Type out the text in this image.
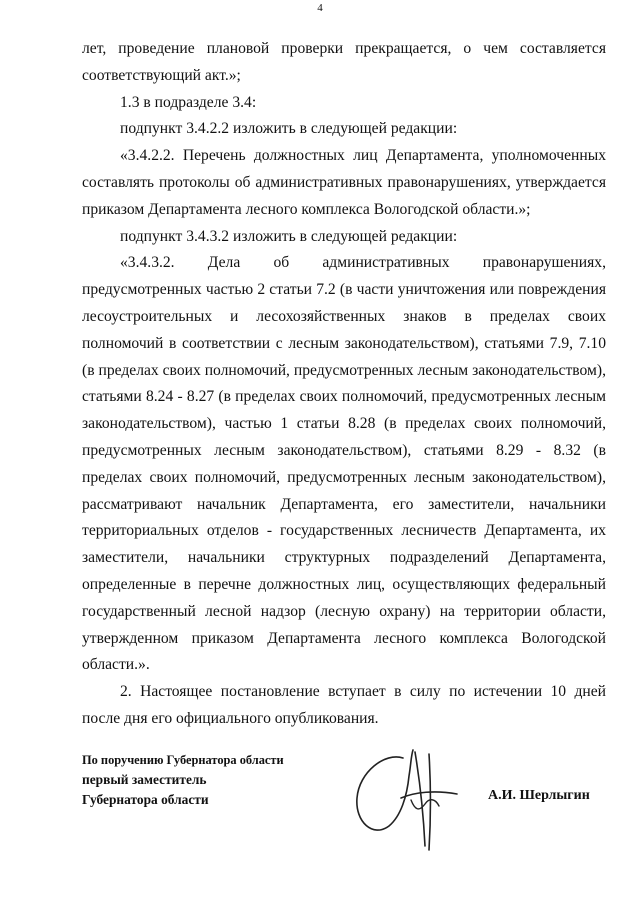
4

лет, проведение плановой проверки прекращается, о чем составляется соответствующий акт.»;

1.3 в подразделе 3.4:

подпункт 3.4.2.2 изложить в следующей редакции:

«3.4.2.2. Перечень должностных лиц Департамента, уполномоченных составлять протоколы об административных правонарушениях, утверждается приказом Департамента лесного комплекса Вологодской области.»;

подпункт 3.4.3.2 изложить в следующей редакции:

«3.4.3.2. Дела об административных правонарушениях, предусмотренных частью 2 статьи 7.2 (в части уничтожения или повреждения лесоустроительных и лесохозяйственных знаков в пределах своих полномочий в соответствии с лесным законодательством), статьями 7.9, 7.10 (в пределах своих полномочий, предусмотренных лесным законодательством), статьями 8.24 - 8.27 (в пределах своих полномочий, предусмотренных лесным законодательством), частью 1 статьи 8.28 (в пределах своих полномочий, предусмотренных лесным законодательством), статьями 8.29 - 8.32 (в пределах своих полномочий, предусмотренных лесным законодательством), рассматривают начальник Департамента, его заместители, начальники территориальных отделов - государственных лесничеств Департамента, их заместители, начальники структурных подразделений Департамента, определенные в перечне должностных лиц, осуществляющих федеральный государственный лесной надзор (лесную охрану) на территории области, утвержденном приказом Департамента лесного комплекса Вологодской области.».

2. Настоящее постановление вступает в силу по истечении 10 дней после дня его официального опубликования.

По поручению Губернатора области
первый заместитель
Губернатора области	А.И. Шерлыгин
